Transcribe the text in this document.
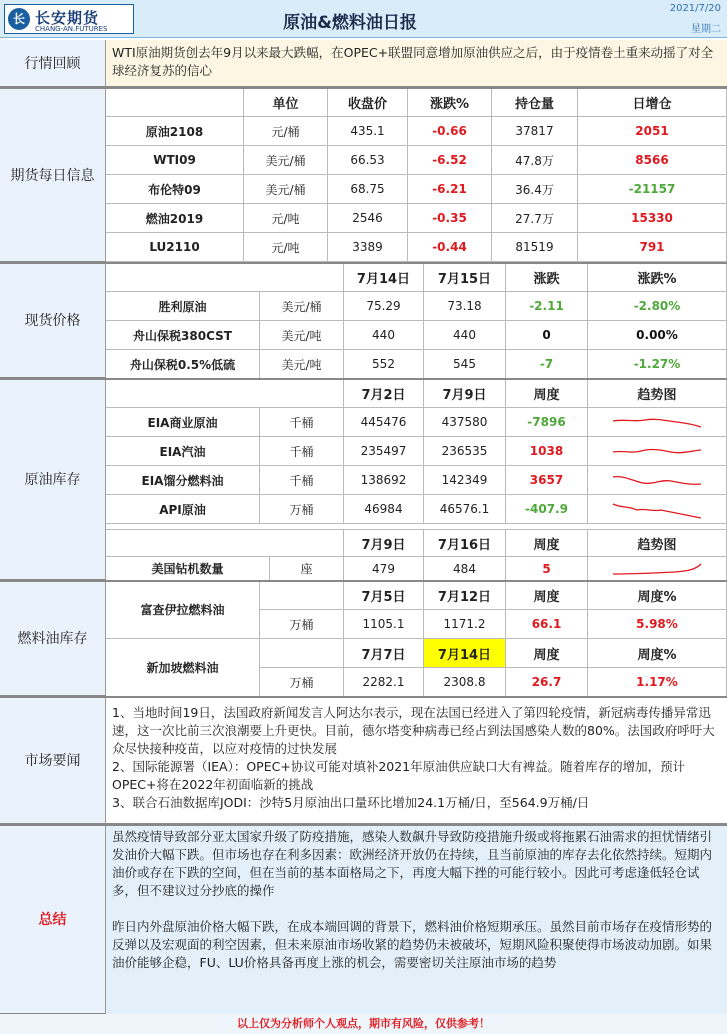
长 长安期货
CHANG-AN.FUTURES	原油&燃料油日报
2021/7/20
星期二
行情回顾
WTI原油期货创去年9月以来最大跌幅，在OPEC+联盟同意增加原油供应之后，由于疫情卷土重来动摇了对全球经济复苏的信心
期货每日信息
单位	收盘价	涨跌%	持仓量	日增仓
原油2108	元/桶	435.1	-0.66	37817	2051
WTI09	美元/桶	66.53	-6.52	47.8万	8566
布伦特09	美元/桶	68.75	-6.21	36.4万	-21157
燃油2019	元/吨	2546	-0.35	27.7万	15330
LU2110	元/吨	3389	-0.44	81519	791
现货价格
7月14日	7月15日	涨跌	涨跌%
胜利原油	美元/桶	75.29	73.18	-2.11	-2.80%
舟山保税380CST	美元/吨	440	440	0	0.00%
舟山保税0.5%低硫	美元/吨	552	545	-7	-1.27%
原油库存
7月2日	7月9日	周度	趋势图
EIA商业原油	千桶	445476	437580	-7896
EIA汽油	千桶	235497	236535	1038
EIA馏分燃料油	千桶	138692	142349	3657
API原油	万桶	46984	46576.1	-407.9
7月9日	7月16日	周度	趋势图
美国钻机数量	座	479	484	5
燃料油库存
富查伊拉燃料油
7月5日	7月12日	周度	周度%
万桶	1105.1	1171.2	66.1	5.98%
新加坡燃料油
7月7日	7月14日	周度	周度%
万桶	2282.1	2308.8	26.7	1.17%
市场要闻
1、当地时间19日，法国政府新闻发言人阿达尔表示，现在法国已经进入了第四轮疫情，新冠病毒传播异常迅速，这一次比前三次浪潮要上升更快。目前，德尔塔变种病毒已经占到法国感染人数的80%。法国政府呼吁大众尽快接种疫苗，以应对疫情的过快发展
2、国际能源署（IEA）：OPEC+协议可能对填补2021年原油供应缺口大有裨益。随着库存的增加，预计OPEC+将在2022年初面临新的挑战
3、联合石油数据库JODI：沙特5月原油出口量环比增加24.1万桶/日，至564.9万桶/日
总结
虽然疫情导致部分亚太国家升级了防疫措施，感染人数飙升导致防疫措施升级或将拖累石油需求的担忧情绪引发油价大幅下跌。但市场也存在利多因素：欧洲经济开放仍在持续，且当前原油的库存去化依然持续。短期内油价或存在下跌的空间，但在当前的基本面格局之下，再度大幅下挫的可能行较小。因此可考虑逢低轻仓试多，但不建议过分抄底的操作
昨日内外盘原油价格大幅下跌，在成本端回调的背景下，燃料油价格短期承压。虽然目前市场存在疫情形势的反弹以及宏观面的利空因素，但未来原油市场收紧的趋势仍未被破坏，短期风险积聚使得市场波动加剧。如果油价能够企稳，FU、LU价格具备再度上涨的机会，需要密切关注原油市场的趋势
以上仅为分析师个人观点，期市有风险，仅供参考！
